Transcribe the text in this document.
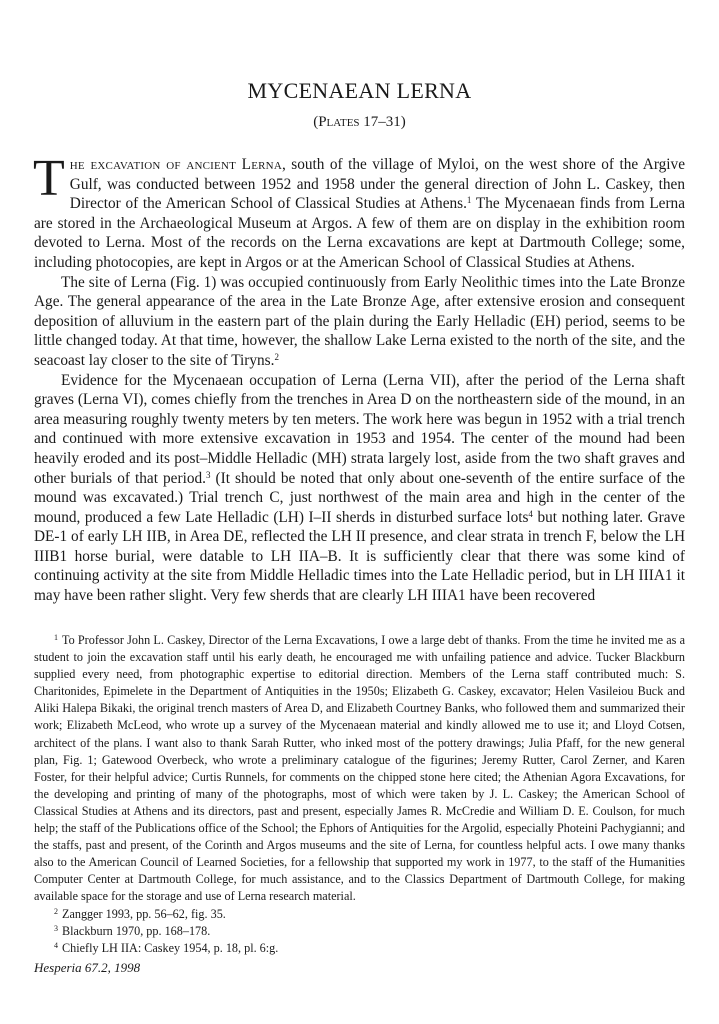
MYCENAEAN LERNA

(Plates 17–31)

The excavation of ancient Lerna, south of the village of Myloi, on the west shore of the Argive Gulf, was conducted between 1952 and 1958 under the general direction of John L. Caskey, then Director of the American School of Classical Studies at Athens.$^1$ The Mycenaean finds from Lerna are stored in the Archaeological Museum at Argos. A few of them are on display in the exhibition room devoted to Lerna. Most of the records on the Lerna excavations are kept at Dartmouth College; some, including photocopies, are kept in Argos or at the American School of Classical Studies at Athens.

The site of Lerna (Fig. 1) was occupied continuously from Early Neolithic times into the Late Bronze Age. The general appearance of the area in the Late Bronze Age, after extensive erosion and consequent deposition of alluvium in the eastern part of the plain during the Early Helladic (EH) period, seems to be little changed today. At that time, however, the shallow Lake Lerna existed to the north of the site, and the seacoast lay closer to the site of Tiryns.$^2$

Evidence for the Mycenaean occupation of Lerna (Lerna VII), after the period of the Lerna shaft graves (Lerna VI), comes chiefly from the trenches in Area D on the northeastern side of the mound, in an area measuring roughly twenty meters by ten meters. The work here was begun in 1952 with a trial trench and continued with more extensive excavation in 1953 and 1954. The center of the mound had been heavily eroded and its post–Middle Helladic (MH) strata largely lost, aside from the two shaft graves and other burials of that period.$^3$ (It should be noted that only about one-seventh of the entire surface of the mound was excavated.) Trial trench C, just northwest of the main area and high in the center of the mound, produced a few Late Helladic (LH) I–II sherds in disturbed surface lots$^4$ but nothing later. Grave DE-1 of early LH IIB, in Area DE, reflected the LH II presence, and clear strata in trench F, below the LH IIIB1 horse burial, were datable to LH IIA–B. It is sufficiently clear that there was some kind of continuing activity at the site from Middle Helladic times into the Late Helladic period, but in LH IIIA1 it may have been rather slight. Very few sherds that are clearly LH IIIA1 have been recovered

$^1$ To Professor John L. Caskey, Director of the Lerna Excavations, I owe a large debt of thanks. From the time he invited me as a student to join the excavation staff until his early death, he encouraged me with unfailing patience and advice. Tucker Blackburn supplied every need, from photographic expertise to editorial direction. Members of the Lerna staff contributed much: S. Charitonides, Epimelete in the Department of Antiquities in the 1950s; Elizabeth G. Caskey, excavator; Helen Vasileiou Buck and Aliki Halepa Bikaki, the original trench masters of Area D, and Elizabeth Courtney Banks, who followed them and summarized their work; Elizabeth McLeod, who wrote up a survey of the Mycenaean material and kindly allowed me to use it; and Lloyd Cotsen, architect of the plans. I want also to thank Sarah Rutter, who inked most of the pottery drawings; Julia Pfaff, for the new general plan, Fig. 1; Gatewood Overbeck, who wrote a preliminary catalogue of the figurines; Jeremy Rutter, Carol Zerner, and Karen Foster, for their helpful advice; Curtis Runnels, for comments on the chipped stone here cited; the Athenian Agora Excavations, for the developing and printing of many of the photographs, most of which were taken by J. L. Caskey; the American School of Classical Studies at Athens and its directors, past and present, especially James R. McCredie and William D. E. Coulson, for much help; the staff of the Publications office of the School; the Ephors of Antiquities for the Argolid, especially Photeini Pachygianni; and the staffs, past and present, of the Corinth and Argos museums and the site of Lerna, for countless helpful acts. I owe many thanks also to the American Council of Learned Societies, for a fellowship that supported my work in 1977, to the staff of the Humanities Computer Center at Dartmouth College, for much assistance, and to the Classics Department of Dartmouth College, for making available space for the storage and use of Lerna research material.

$^2$ Zangger 1993, pp. 56–62, fig. 35.

$^3$ Blackburn 1970, pp. 168–178.

$^4$ Chiefly LH IIA: Caskey 1954, p. 18, pl. 6:g.

Hesperia 67.2, 1998
